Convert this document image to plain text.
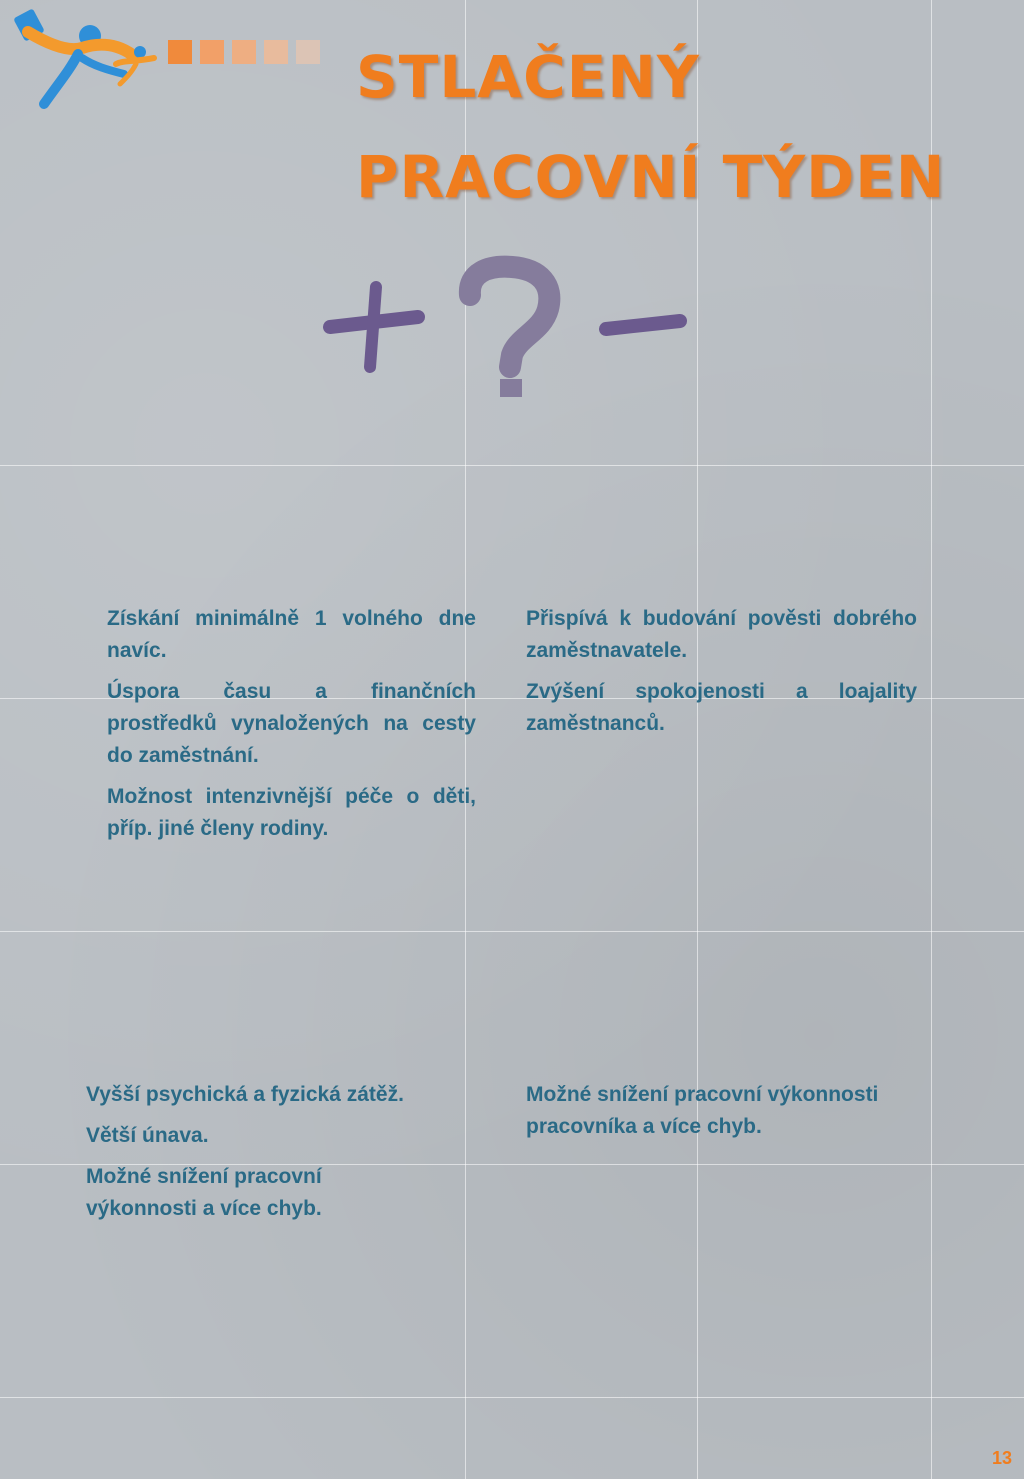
STLAČENÝ
PRACOVNÍ TÝDEN

Získání minimálně 1 volného dne navíc.

Úspora času a finančních prostředků vynaložených na cesty do zaměstnání.

Možnost intenzivnější péče o děti, příp. jiné členy rodiny.

Přispívá k budování pověsti dobrého zaměstnavatele.

Zvýšení spokojenosti a loajality zaměstnanců.

Vyšší psychická a fyzická zátěž.

Větší únava.

Možné snížení pracovní výkonnosti a více chyb.

Možné snížení pracovní výkonnosti pracovníka a více chyb.

13
